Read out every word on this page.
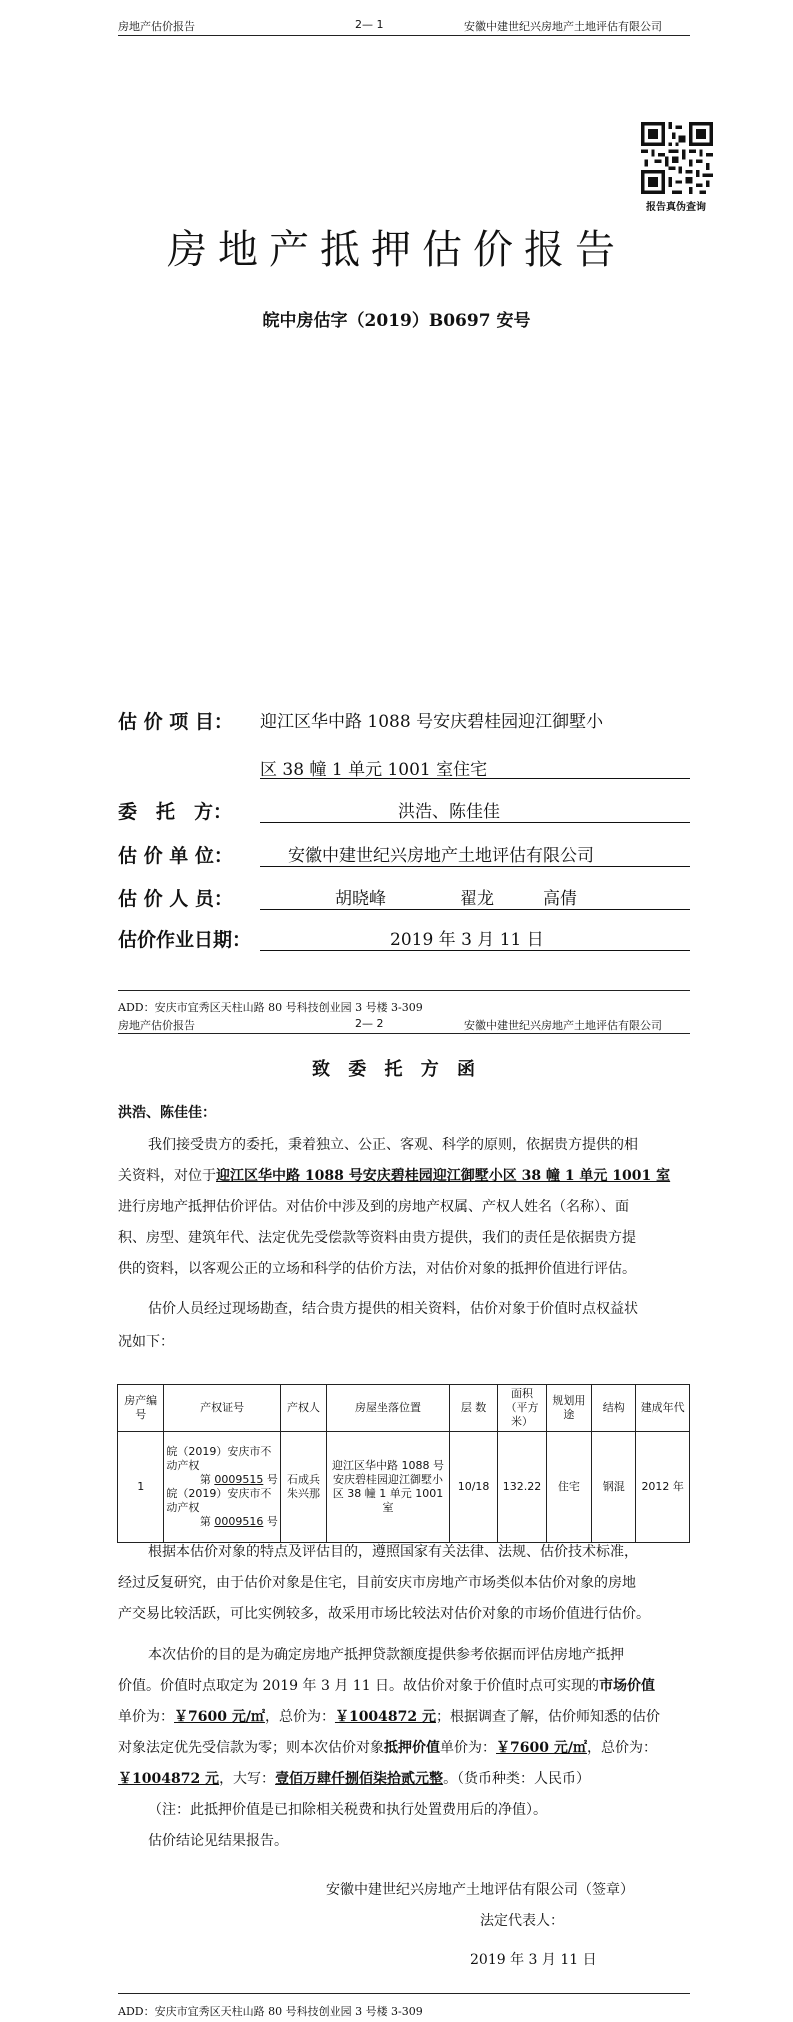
房地产估价报告	2— 1	安徽中建世纪兴房地产土地评估有限公司
报告真伪查询
房地产抵押估价报告
皖中房估字（2019）B0697 安号
估 价 项 目： 迎江区华中路 1088 号安庆碧桂园迎江御墅小
区 38 幢 1 单元 1001 室住宅
委　托　方：	洪浩、陈佳佳
估 价 单 位：	安徽中建世纪兴房地产土地评估有限公司
估 价 人 员：	胡晓峰	翟龙	高倩
估价作业日期：	2019 年 3 月 11 日
ADD：安庆市宜秀区天柱山路 80 号科技创业园 3 号楼 3-309
房地产估价报告	2— 2	安徽中建世纪兴房地产土地评估有限公司
致 委 托 方 函
洪浩、陈佳佳：
我们接受贵方的委托，秉着独立、公正、客观、科学的原则，依据贵方提供的相
关资料，对位于迎江区华中路 1088 号安庆碧桂园迎江御墅小区 38 幢 1 单元 1001 室
进行房地产抵押估价评估。对估价中涉及到的房地产权属、产权人姓名（名称）、面
积、房型、建筑年代、法定优先受偿款等资料由贵方提供，我们的责任是依据贵方提
供的资料，以客观公正的立场和科学的估价方法，对估价对象的抵押价值进行评估。
估价人员经过现场勘查，结合贵方提供的相关资料，估价对象于价值时点权益状
况如下：
房产编号	产权证号	产权人	房屋坐落位置	层 数	面积（平方米）	规划用途	结构	建成年代
1	皖（2019）安庆市不动产权
第 0009515 号
皖（2019）安庆市不动产权
第 0009516 号	石成兵朱兴那	迎江区华中路 1088 号安庆碧桂园迎江御墅小区 38 幢 1 单元 1001 室	10/18	132.22	住宅	钢混	2012 年
根据本估价对象的特点及评估目的，遵照国家有关法律、法规、估价技术标准，
经过反复研究，由于估价对象是住宅，目前安庆市房地产市场类似本估价对象的房地
产交易比较活跃，可比实例较多，故采用市场比较法对估价对象的市场价值进行估价。
本次估价的目的是为确定房地产抵押贷款额度提供参考依据而评估房地产抵押
价值。价值时点取定为 2019 年 3 月 11 日。故估价对象于价值时点可实现的市场价值
单价为：￥7600 元/㎡，总价为：￥1004872 元；根据调查了解，估价师知悉的估价
对象法定优先受信款为零；则本次估价对象抵押价值单价为：￥7600 元/㎡，总价为：
￥1004872 元，大写：壹佰万肆仟捌佰柒拾贰元整。（货币种类：人民币）
（注：此抵押价值是已扣除相关税费和执行处置费用后的净值）。
估价结论见结果报告。
安徽中建世纪兴房地产土地评估有限公司（签章）
法定代表人：
2019 年 3 月 11 日
ADD：安庆市宜秀区天柱山路 80 号科技创业园 3 号楼 3-309
